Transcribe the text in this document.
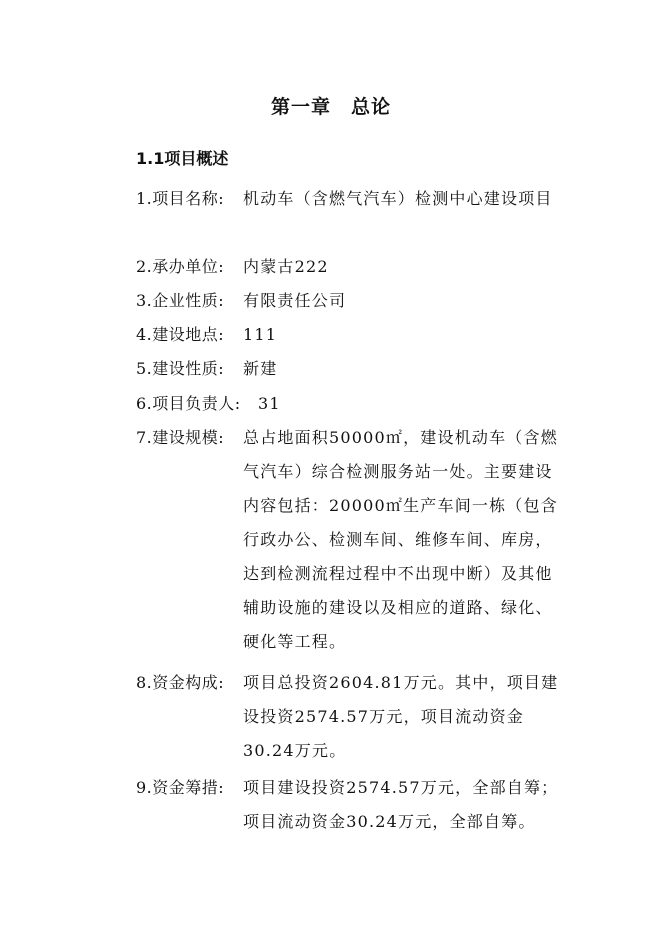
第一章　总论
1.1项目概述
1.项目名称: 机动车（含燃气汽车）检测中心建设项目
2.承办单位: 内蒙古222
3.企业性质: 有限责任公司
4.建设地点: 111
5.建设性质: 新建
6.项目负责人: 31
7.建设规模: 总占地面积50000㎡，建设机动车（含燃气汽车）综合检测服务站一处。主要建设内容包括：20000㎡生产车间一栋（包含行政办公、检测车间、维修车间、库房，达到检测流程过程中不出现中断）及其他辅助设施的建设以及相应的道路、绿化、硬化等工程。
8.资金构成: 项目总投资2604.81万元。其中，项目建设投资2574.57万元，项目流动资金30.24万元。
9.资金筹措: 项目建设投资2574.57万元，全部自筹；项目流动资金30.24万元，全部自筹。
